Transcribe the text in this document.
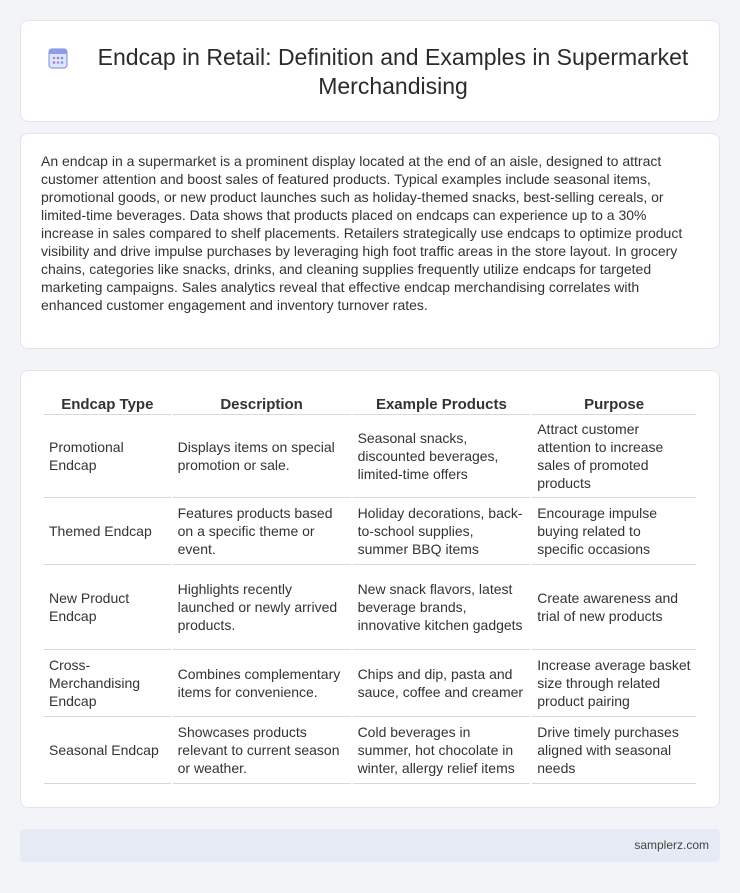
Endcap in Retail: Definition and Examples in Supermarket Merchandising

An endcap in a supermarket is a prominent display located at the end of an aisle, designed to attract customer attention and boost sales of featured products. Typical examples include seasonal items, promotional goods, or new product launches such as holiday-themed snacks, best-selling cereals, or limited-time beverages. Data shows that products placed on endcaps can experience up to a 30% increase in sales compared to shelf placements. Retailers strategically use endcaps to optimize product visibility and drive impulse purchases by leveraging high foot traffic areas in the store layout. In grocery chains, categories like snacks, drinks, and cleaning supplies frequently utilize endcaps for targeted marketing campaigns. Sales analytics reveal that effective endcap merchandising correlates with enhanced customer engagement and inventory turnover rates.

Endcap Type	Description	Example Products	Purpose
Promotional Endcap	Displays items on special promotion or sale.	Seasonal snacks, discounted beverages, limited-time offers	Attract customer attention to increase sales of promoted products
Themed Endcap	Features products based on a specific theme or event.	Holiday decorations, back-to-school supplies, summer BBQ items	Encourage impulse buying related to specific occasions
New Product Endcap	Highlights recently launched or newly arrived products.	New snack flavors, latest beverage brands, innovative kitchen gadgets	Create awareness and trial of new products
Cross-Merchandising Endcap	Combines complementary items for convenience.	Chips and dip, pasta and sauce, coffee and creamer	Increase average basket size through related product pairing
Seasonal Endcap	Showcases products relevant to current season or weather.	Cold beverages in summer, hot chocolate in winter, allergy relief items	Drive timely purchases aligned with seasonal needs
samplerz.com
